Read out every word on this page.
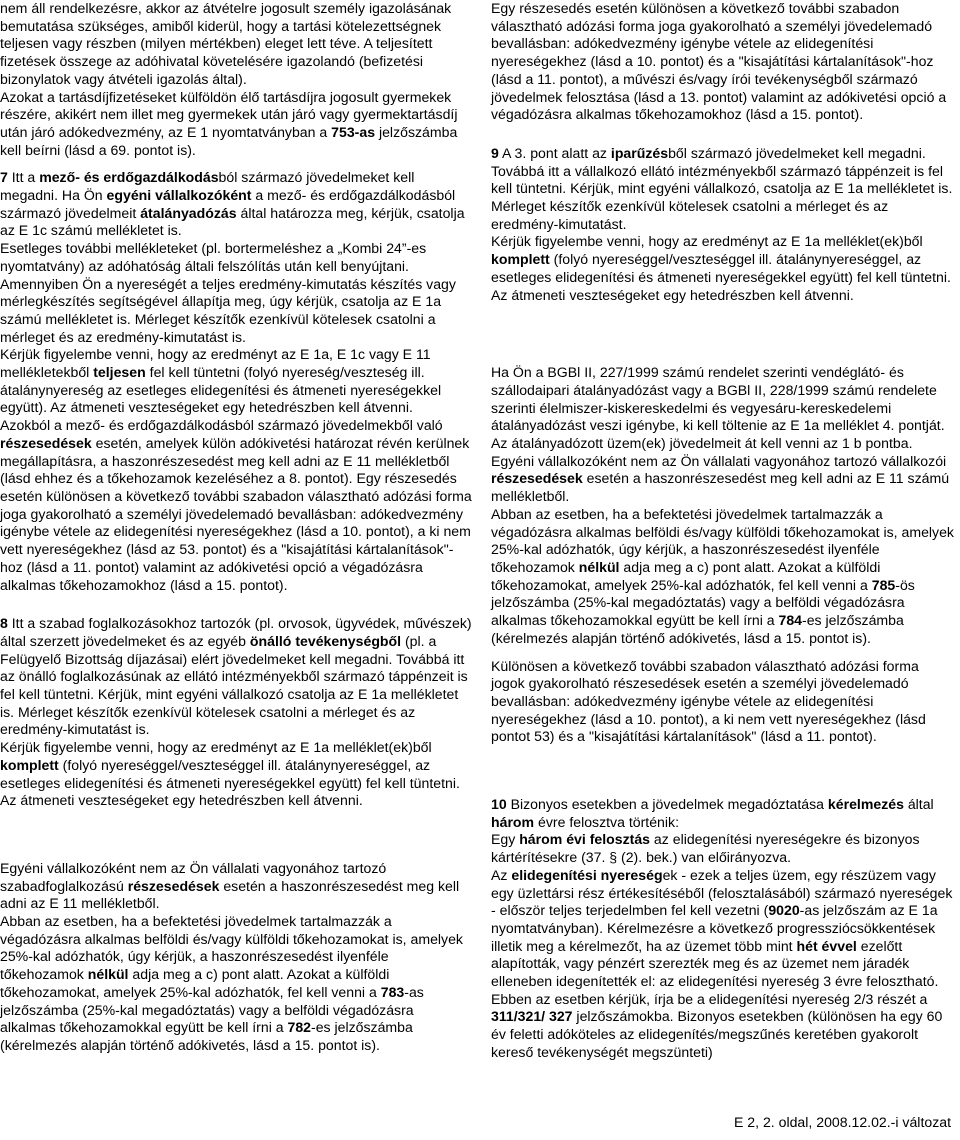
nem áll rendelkezésre, akkor az átvételre jogosult személy igazolásának bemutatása szükséges, amiből kiderül, hogy a tartási kötelezettségnek teljesen vagy részben (milyen mértékben) eleget lett téve. A teljesített fizetések összege az adóhivatal követelésére igazolandó (befizetési bizonylatok vagy átvételi igazolás által).

Azokat a tartásdíjfizetéseket külföldön élő tartásdíjra jogosult gyermekek részére, akikért nem illet meg gyermekek után járó vagy gyermektartásdíj után járó adókedvezmény, az E 1 nyomtatványban a 753-as jelzőszámba kell beírni (lásd a 69. pontot is).

7 Itt a mező- és erdőgazdálkodásból származó jövedelmeket kell megadni. Ha Ön egyéni vállalkozóként a mező- és erdőgazdálkodásból származó jövedelmeit átalányadózás által határozza meg, kérjük, csatolja az E 1c számú mellékletet is.

Esetleges további mellékleteket (pl. bortermeléshez a „Kombi 24”-es nyomtatvány) az adóhatóság általi felszólítás után kell benyújtani.

Amennyiben Ön a nyereségét a teljes eredmény-kimutatás készítés vagy mérlegkészítés segítségével állapítja meg, úgy kérjük, csatolja az E 1a számú mellékletet is. Mérleget készítők ezenkívül kötelesek csatolni a mérleget és az eredmény-kimutatást is.

Kérjük figyelembe venni, hogy az eredményt az E 1a, E 1c vagy E 11 mellékletekből teljesen fel kell tüntetni (folyó nyereség/veszteség ill. átalánynyereség az esetleges elidegenítési és átmeneti nyereségekkel együtt). Az átmeneti veszteségeket egy hetedrészben kell átvenni.

Azokból a mező- és erdőgazdálkodásból származó jövedelmekből való részesedések esetén, amelyek külön adókivetési határozat révén kerülnek megállapításra, a haszonrészesedést meg kell adni az E 11 mellékletből (lásd ehhez és a tőkehozamok kezeléséhez a 8. pontot). Egy részesedés esetén különösen a következő további szabadon választható adózási forma joga gyakorolható a személyi jövedelemadó bevallásban: adókedvezmény igénybe vétele az elidegenítési nyereségekhez (lásd a 10. pontot), a ki nem vett nyereségekhez (lásd az 53. pontot) és a "kisajátítási kártalanítások"-hoz (lásd a 11. pontot) valamint az adókivetési opció a végadózásra alkalmas tőkehozamokhoz (lásd a 15. pontot).

8 Itt a szabad foglalkozásokhoz tartozók (pl. orvosok, ügyvédek, művészek) által szerzett jövedelmeket és az egyéb önálló tevékenységből (pl. a Felügyelő Bizottság díjazásai) elért jövedelmeket kell megadni. Továbbá itt az önálló foglalkozásúnak az ellátó intézményekből származó táppénzeit is fel kell tüntetni. Kérjük, mint egyéni vállalkozó csatolja az E 1a mellékletet is. Mérleget készítők ezenkívül kötelesek csatolni a mérleget és az eredmény-kimutatást is.

Kérjük figyelembe venni, hogy az eredményt az E 1a melléklet(ek)ből komplett (folyó nyereséggel/veszteséggel ill. átalánynyereséggel, az esetleges elidegenítési és átmeneti nyereségekkel együtt) fel kell tüntetni. Az átmeneti veszteségeket egy hetedrészben kell átvenni.

Egyéni vállalkozóként nem az Ön vállalati vagyonához tartozó szabadfoglalkozású részesedések esetén a haszonrészesedést meg kell adni az E 11 mellékletből.

Abban az esetben, ha a befektetési jövedelmek tartalmazzák a végadózásra alkalmas belföldi és/vagy külföldi tőkehozamokat is, amelyek 25%-kal adózhatók, úgy kérjük, a haszonrészesedést ilyenféle tőkehozamok nélkül adja meg a c) pont alatt. Azokat a külföldi tőkehozamokat, amelyek 25%-kal adózhatók, fel kell venni a 783-as jelzőszámba (25%-kal megadóztatás) vagy a belföldi végadózásra alkalmas tőkehozamokkal együtt be kell írni a 782-es jelzőszámba (kérelmezés alapján történő adókivetés, lásd a 15. pontot is).

Egy részesedés esetén különösen a következő további szabadon választható adózási forma joga gyakorolható a személyi jövedelemadó bevallásban: adókedvezmény igénybe vétele az elidegenítési nyereségekhez (lásd a 10. pontot) és a "kisajátítási kártalanítások"-hoz (lásd a 11. pontot), a művészi és/vagy írói tevékenységből származó jövedelmek felosztása (lásd a 13. pontot) valamint az adókivetési opció a végadózásra alkalmas tőkehozamokhoz (lásd a 15. pontot).

9 A 3. pont alatt az iparűzésből származó jövedelmeket kell megadni. Továbbá itt a vállalkozó ellátó intézményekből származó táppénzeit is fel kell tüntetni. Kérjük, mint egyéni vállalkozó, csatolja az E 1a mellékletet is. Mérleget készítők ezenkívül kötelesek csatolni a mérleget és az eredmény-kimutatást.

Kérjük figyelembe venni, hogy az eredményt az E 1a melléklet(ek)ből komplett (folyó nyereséggel/veszteséggel ill. átalánynyereséggel, az esetleges elidegenítési és átmeneti nyereségekkel együtt) fel kell tüntetni. Az átmeneti veszteségeket egy hetedrészben kell átvenni.

Ha Ön a BGBl II, 227/1999 számú rendelet szerinti vendéglátó- és szállodaipari átalányadózást vagy a BGBl II, 228/1999 számú rendelete szerinti élelmiszer-kiskereskedelmi és vegyesáru-kereskedelemi átalányadózást veszi igénybe, ki kell töltenie az E 1a melléklet 4. pontját. Az átalányadózott üzem(ek) jövedelmeit át kell venni az 1 b pontba.

Egyéni vállalkozóként nem az Ön vállalati vagyonához tartozó vállalkozói részesedések esetén a haszonrészesedést meg kell adni az E 11 számú mellékletből.

Abban az esetben, ha a befektetési jövedelmek tartalmazzák a végadózásra alkalmas belföldi és/vagy külföldi tőkehozamokat is, amelyek 25%-kal adózhatók, úgy kérjük, a haszonrészesedést ilyenféle tőkehozamok nélkül adja meg a c) pont alatt. Azokat a külföldi tőkehozamokat, amelyek 25%-kal adózhatók, fel kell venni a 785-ös jelzőszámba (25%-kal megadóztatás) vagy a belföldi végadózásra alkalmas tőkehozamokkal együtt be kell írni a 784-es jelzőszámba (kérelmezés alapján történő adókivetés, lásd a 15. pontot is).

Különösen a következő további szabadon választható adózási forma jogok gyakorolható részesedések esetén a személyi jövedelemadó bevallásban: adókedvezmény igénybe vétele az elidegenítési nyereségekhez (lásd a 10. pontot), a ki nem vett nyereségekhez (lásd pontot 53) és a "kisajátítási kártalanítások" (lásd a 11. pontot).

10 Bizonyos esetekben a jövedelmek megadóztatása kérelmezés által három évre felosztva történik:

Egy három évi felosztás az elidegenítési nyereségekre és bizonyos kártérítésekre (37. § (2). bek.) van előirányozva.

Az elidegenítési nyereségek - ezek a teljes üzem, egy részüzem vagy egy üzlettársi rész értékesítéséből (felosztalásából) származó nyereségek - először teljes terjedelmben fel kell vezetni (9020-as jelzőszám az E 1a nyomtatványban). Kérelmezésre a következő progressziócsökkentések illetik meg a kérelmezőt, ha az üzemet több mint hét évvel ezelőtt alapították, vagy pénzért szerezték meg és az üzemet nem járadék elleneben idegenítették el: az elidegenítési nyereség 3 évre felosztható. Ebben az esetben kérjük, írja be a elidegenítési nyereség 2/3 részét a 311/321/ 327 jelzőszámokba. Bizonyos esetekben (különösen ha egy 60 év feletti adóköteles az elidegenítés/megszűnés keretében gyakorolt kereső tevékenységét megszünteti)

E 2, 2. oldal, 2008.12.02.-i változat
